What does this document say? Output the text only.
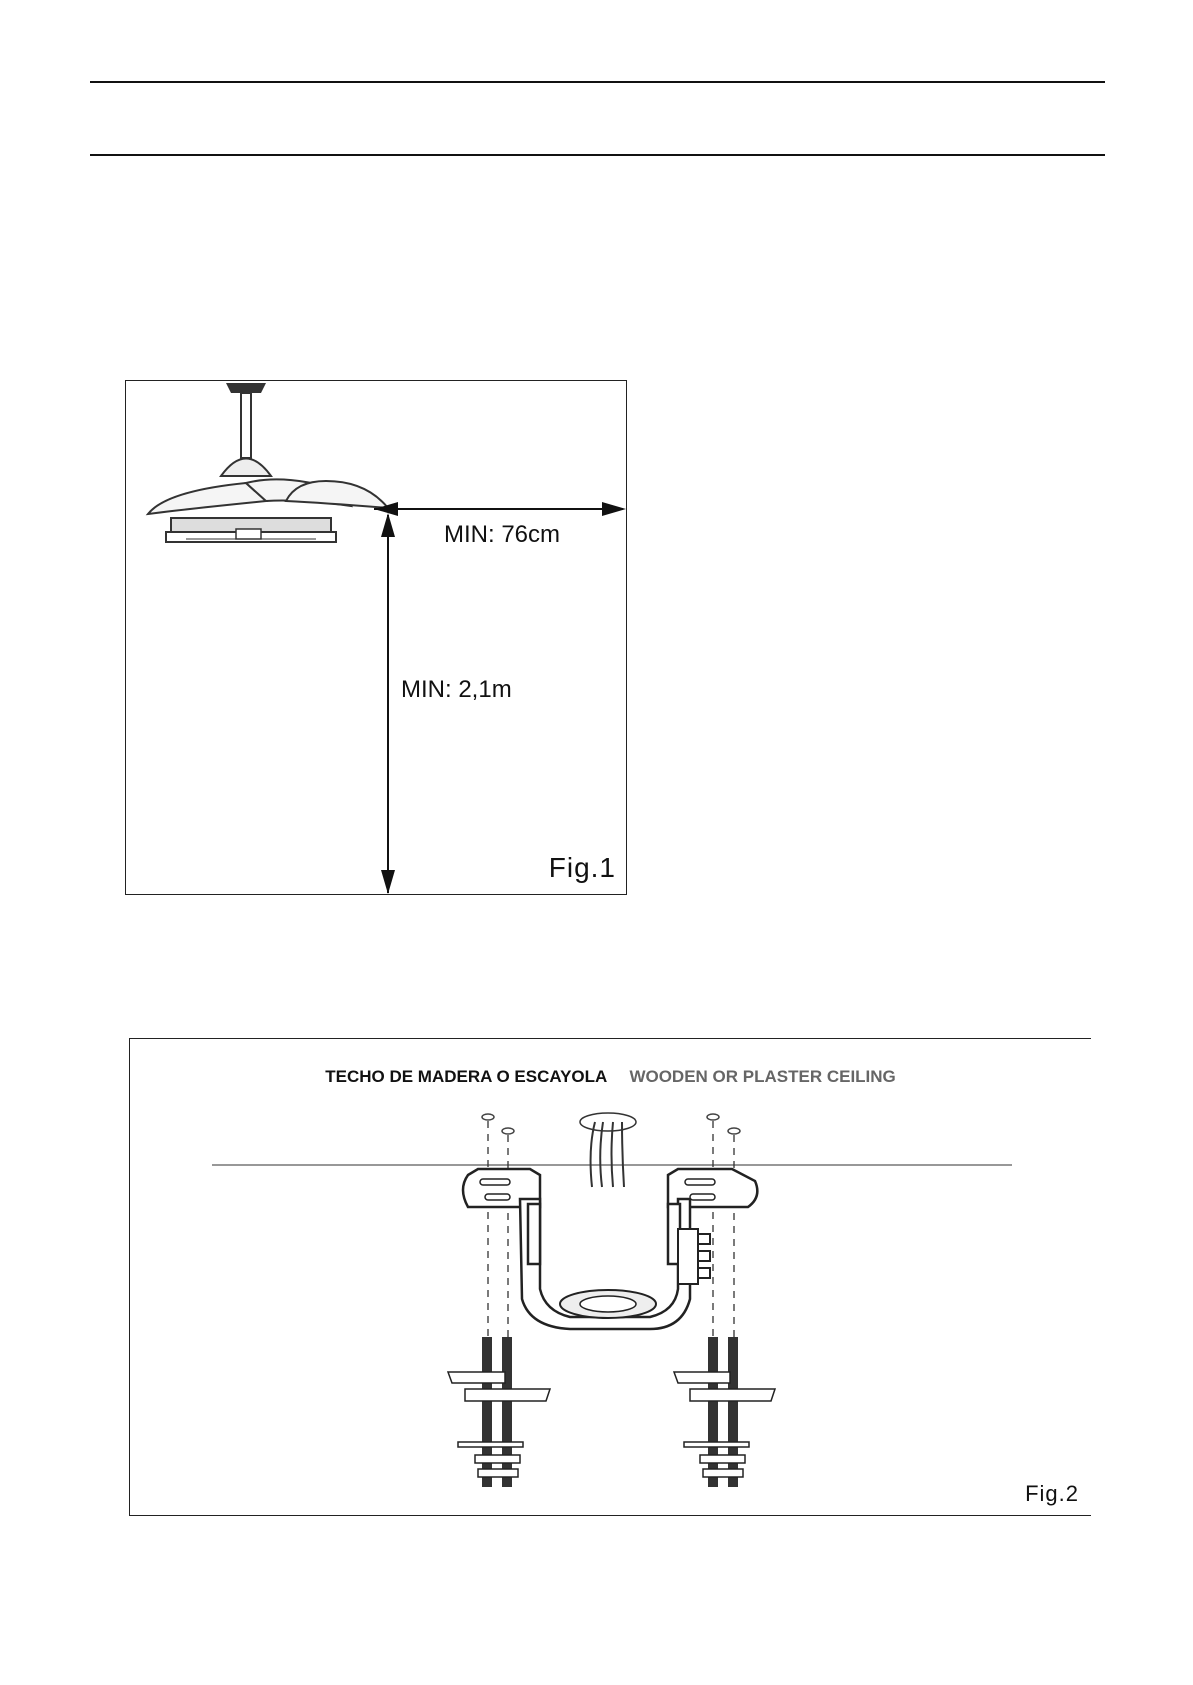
MIN: 76cm
MIN: 2,1m
Fig.1
TECHO DE MADERA O ESCAYOLA WOODEN OR PLASTER CEILING
Fig.2
